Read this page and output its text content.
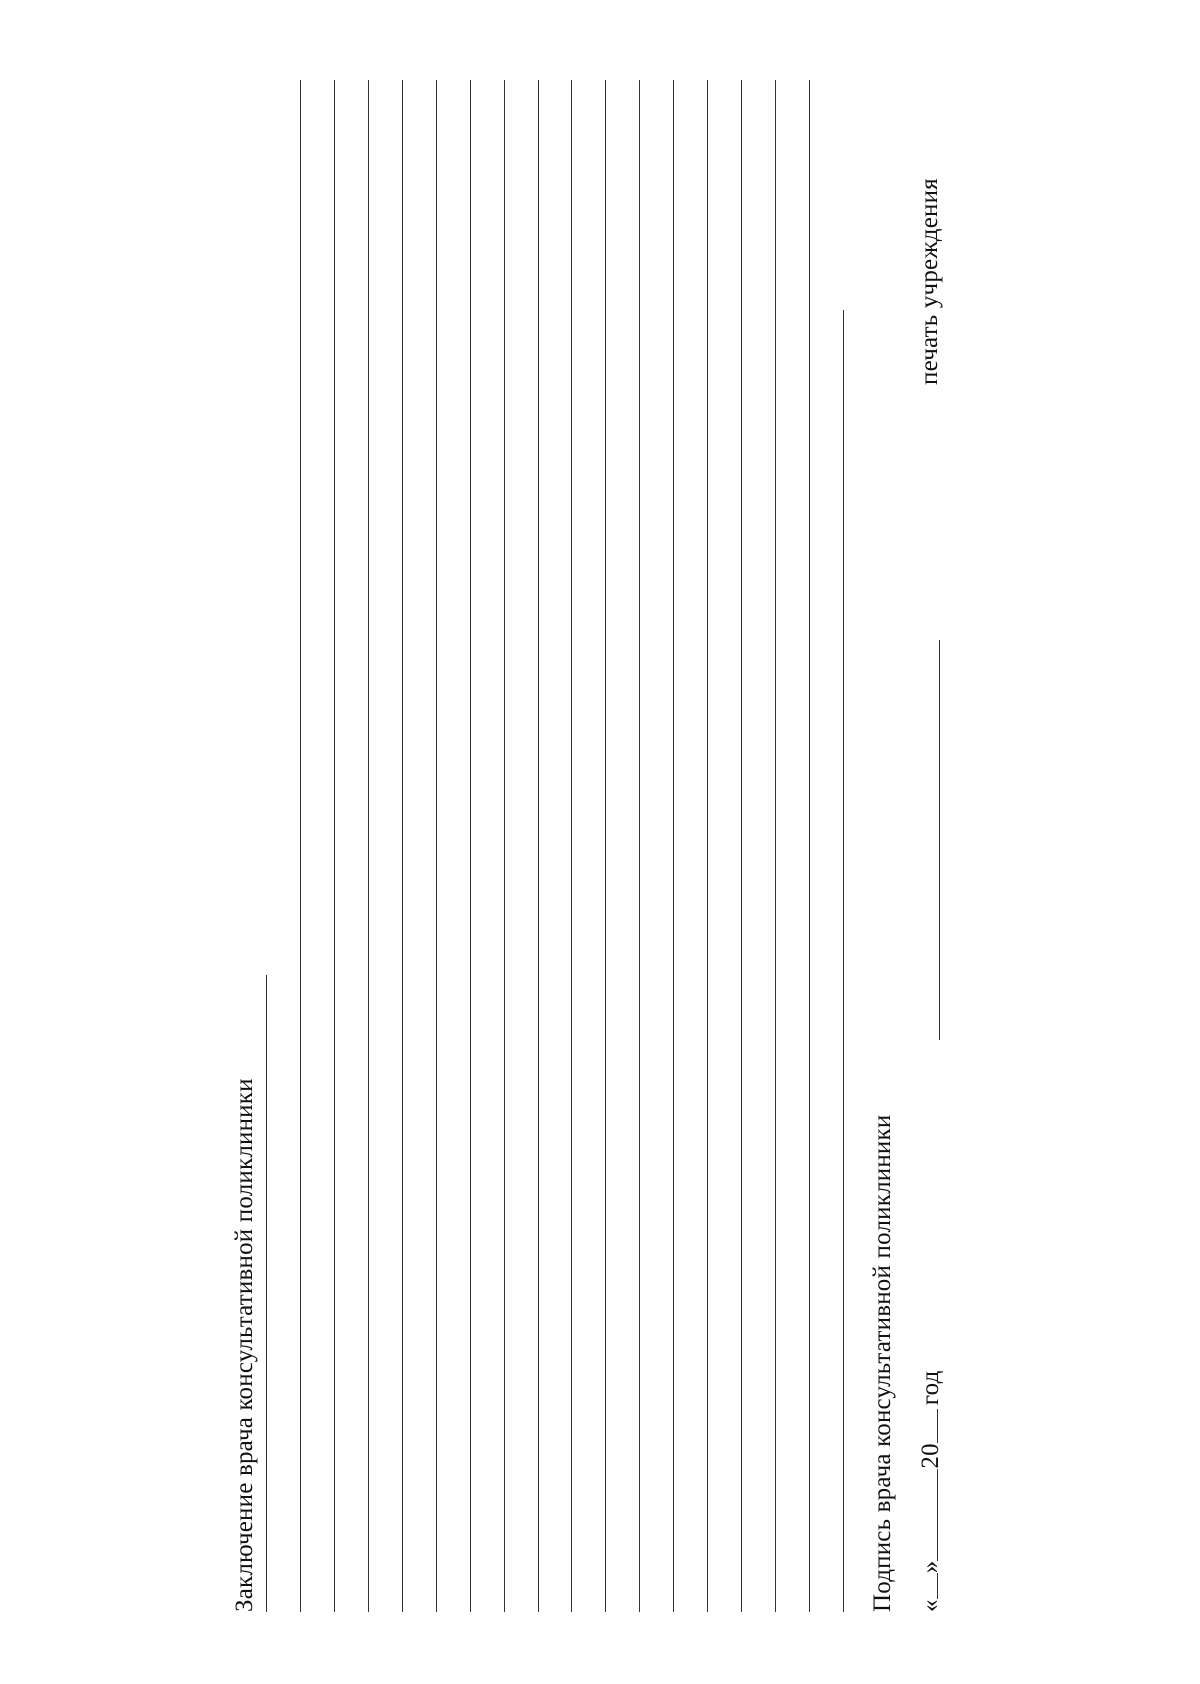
Заключение врача консультативной поликлиники	Подпись врача консультативной поликлиники
печать учреждения
«»20год
